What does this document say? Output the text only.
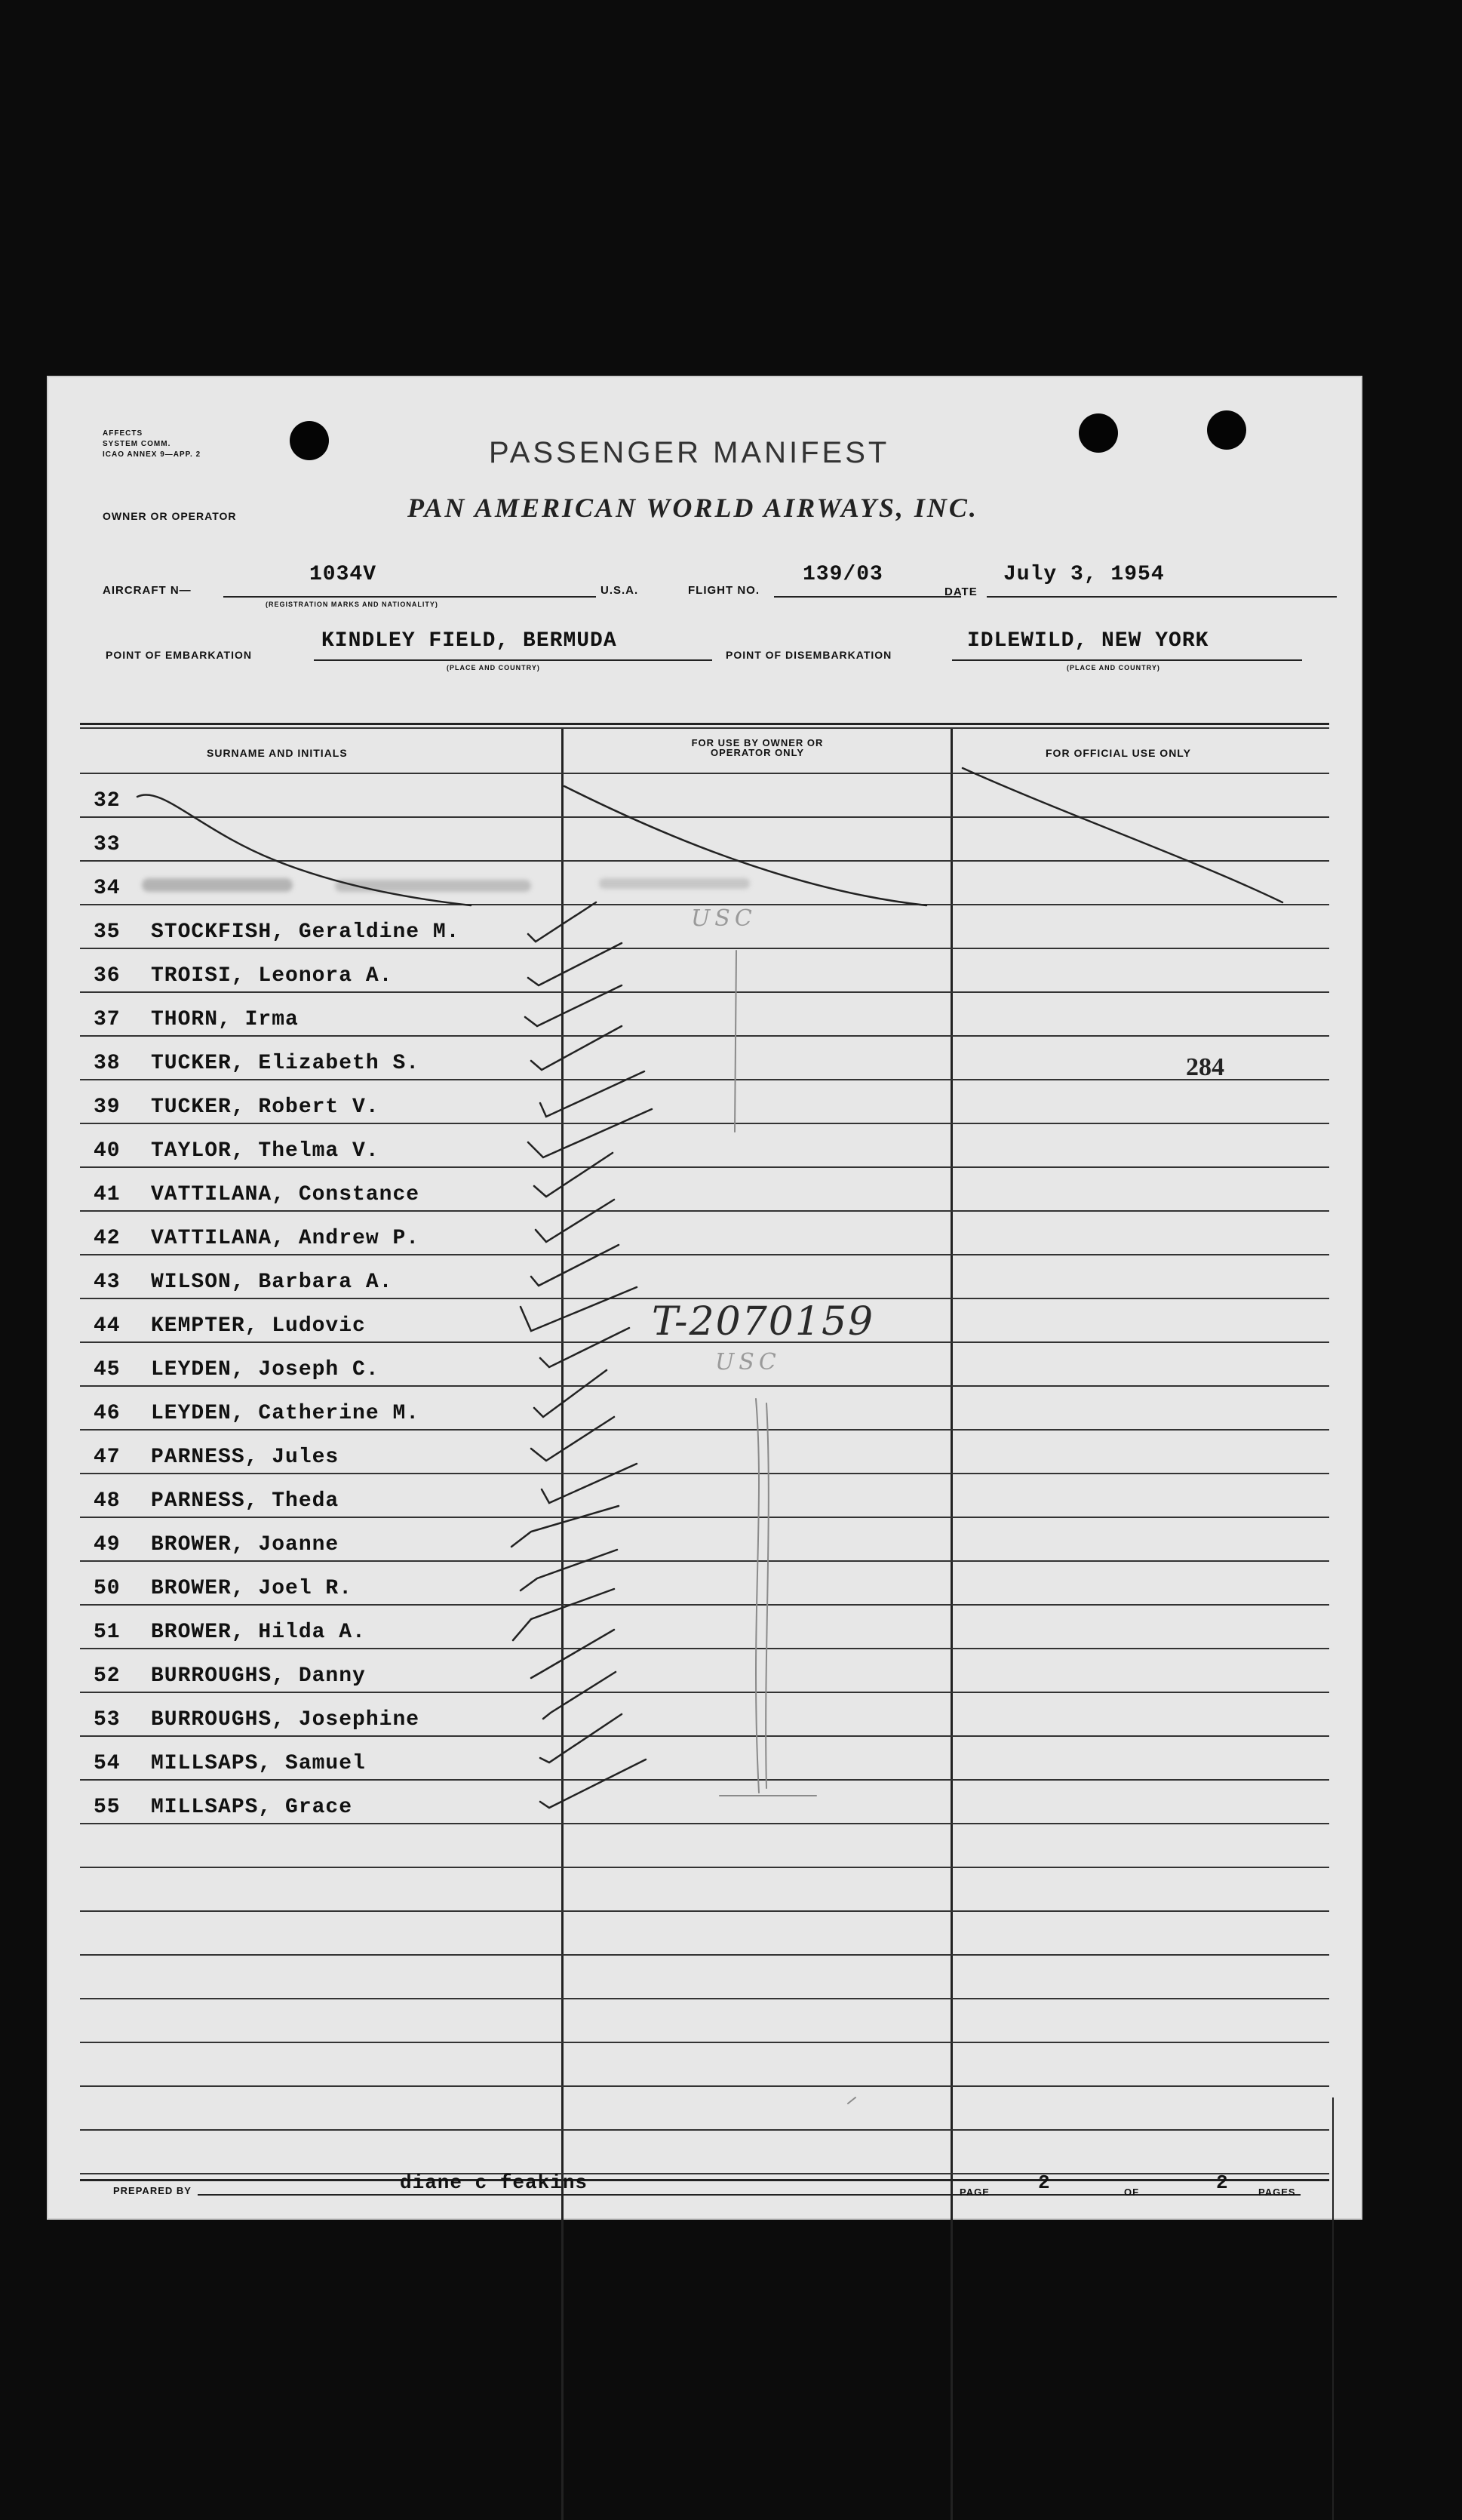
AFFECTS
SYSTEM COMM.
ICAO ANNEX 9—APP. 2
OWNER OR OPERATOR
PASSENGER MANIFEST
PAN AMERICAN WORLD AIRWAYS, INC.
AIRCRAFT N—
1034V
(REGISTRATION MARKS AND NATIONALITY)
U.S.A.	FLIGHT NO.
139/03
DATE
July 3, 1954
POINT OF EMBARKATION
KINDLEY FIELD, BERMUDA
(PLACE AND COUNTRY)
POINT OF DISEMBARKATION
IDLEWILD, NEW YORK
(PLACE AND COUNTRY)
SURNAME AND INITIALS
FOR USE BY OWNER OR OPERATOR ONLY	FOR OFFICIAL USE ONLY
32
33
34
35	STOCKFISH, Geraldine M.
36	TROISI, Leonora A.
37	THORN, Irma
38	TUCKER, Elizabeth S.
39	TUCKER, Robert V.
40	TAYLOR, Thelma V.
41	VATTILANA, Constance
42	VATTILANA, Andrew P.
43	WILSON, Barbara A.
44	KEMPTER, Ludovic
45	LEYDEN, Joseph C.
46	LEYDEN, Catherine M.
47	PARNESS, Jules
48	PARNESS, Theda
49	BROWER, Joanne
50	BROWER, Joel R.
51	BROWER, Hilda A.
52	BURROUGHS, Danny
53	BURROUGHS, Josephine
54	MILLSAPS, Samuel
55	MILLSAPS, Grace
USC
T-2070159
USC
284
PREPARED BY	diane c feakins	PAGE 2	OF	2	PAGES
